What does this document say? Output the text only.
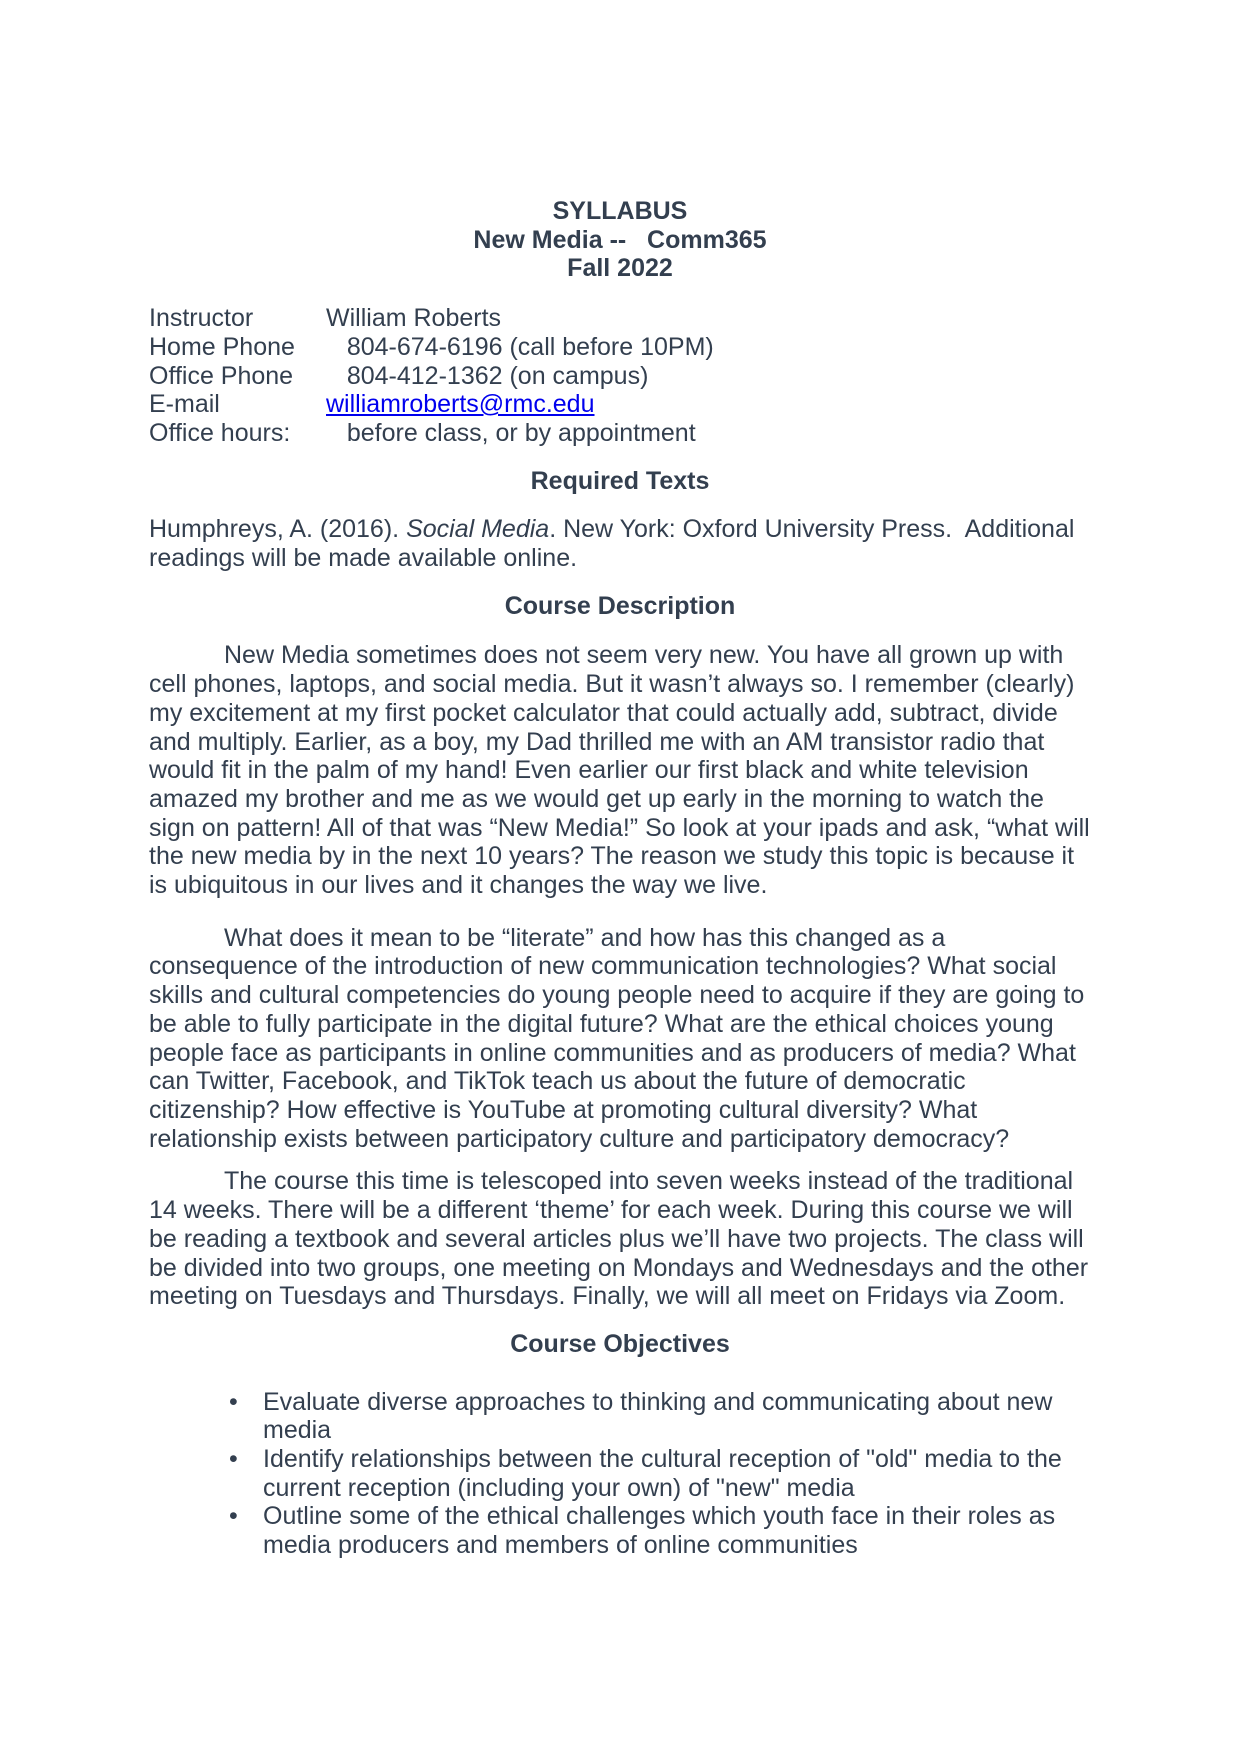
SYLLABUS
New Media --   Comm365
Fall 2022
Instructor	William Roberts
Home Phone	804-674-6196 (call before 10PM)
Office Phone	804-412-1362 (on campus)
E-mail	williamroberts@rmc.edu
Office hours:	before class, or by appointment
Required Texts

Humphreys, A. (2016). Social Media. New York: Oxford University Press.  Additional readings will be made available online.

Course Description

New Media sometimes does not seem very new. You have all grown up with cell phones, laptops, and social media. But it wasn’t always so. I remember (clearly) my excitement at my first pocket calculator that could actually add, subtract, divide and multiply. Earlier, as a boy, my Dad thrilled me with an AM transistor radio that would fit in the palm of my hand! Even earlier our first black and white television amazed my brother and me as we would get up early in the morning to watch the sign on pattern! All of that was “New Media!” So look at your ipads and ask, “what will the new media by in the next 10 years? The reason we study this topic is because it is ubiquitous in our lives and it changes the way we live.

What does it mean to be “literate” and how has this changed as a consequence of the introduction of new communication technologies? What social skills and cultural competencies do young people need to acquire if they are going to be able to fully participate in the digital future? What are the ethical choices young people face as participants in online communities and as producers of media? What can Twitter, Facebook, and TikTok teach us about the future of democratic citizenship? How effective is YouTube at promoting cultural diversity? What relationship exists between participatory culture and participatory democracy?

The course this time is telescoped into seven weeks instead of the traditional 14 weeks. There will be a different ‘theme’ for each week. During this course we will be reading a textbook and several articles plus we’ll have two projects. The class will be divided into two groups, one meeting on Mondays and Wednesdays and the other meeting on Tuesdays and Thursdays. Finally, we will all meet on Fridays via Zoom.

Course Objectives
• Evaluate diverse approaches to thinking and communicating about new media
• Identify relationships between the cultural reception of "old" media to the current reception (including your own) of "new" media
• Outline some of the ethical challenges which youth face in their roles as media producers and members of online communities
